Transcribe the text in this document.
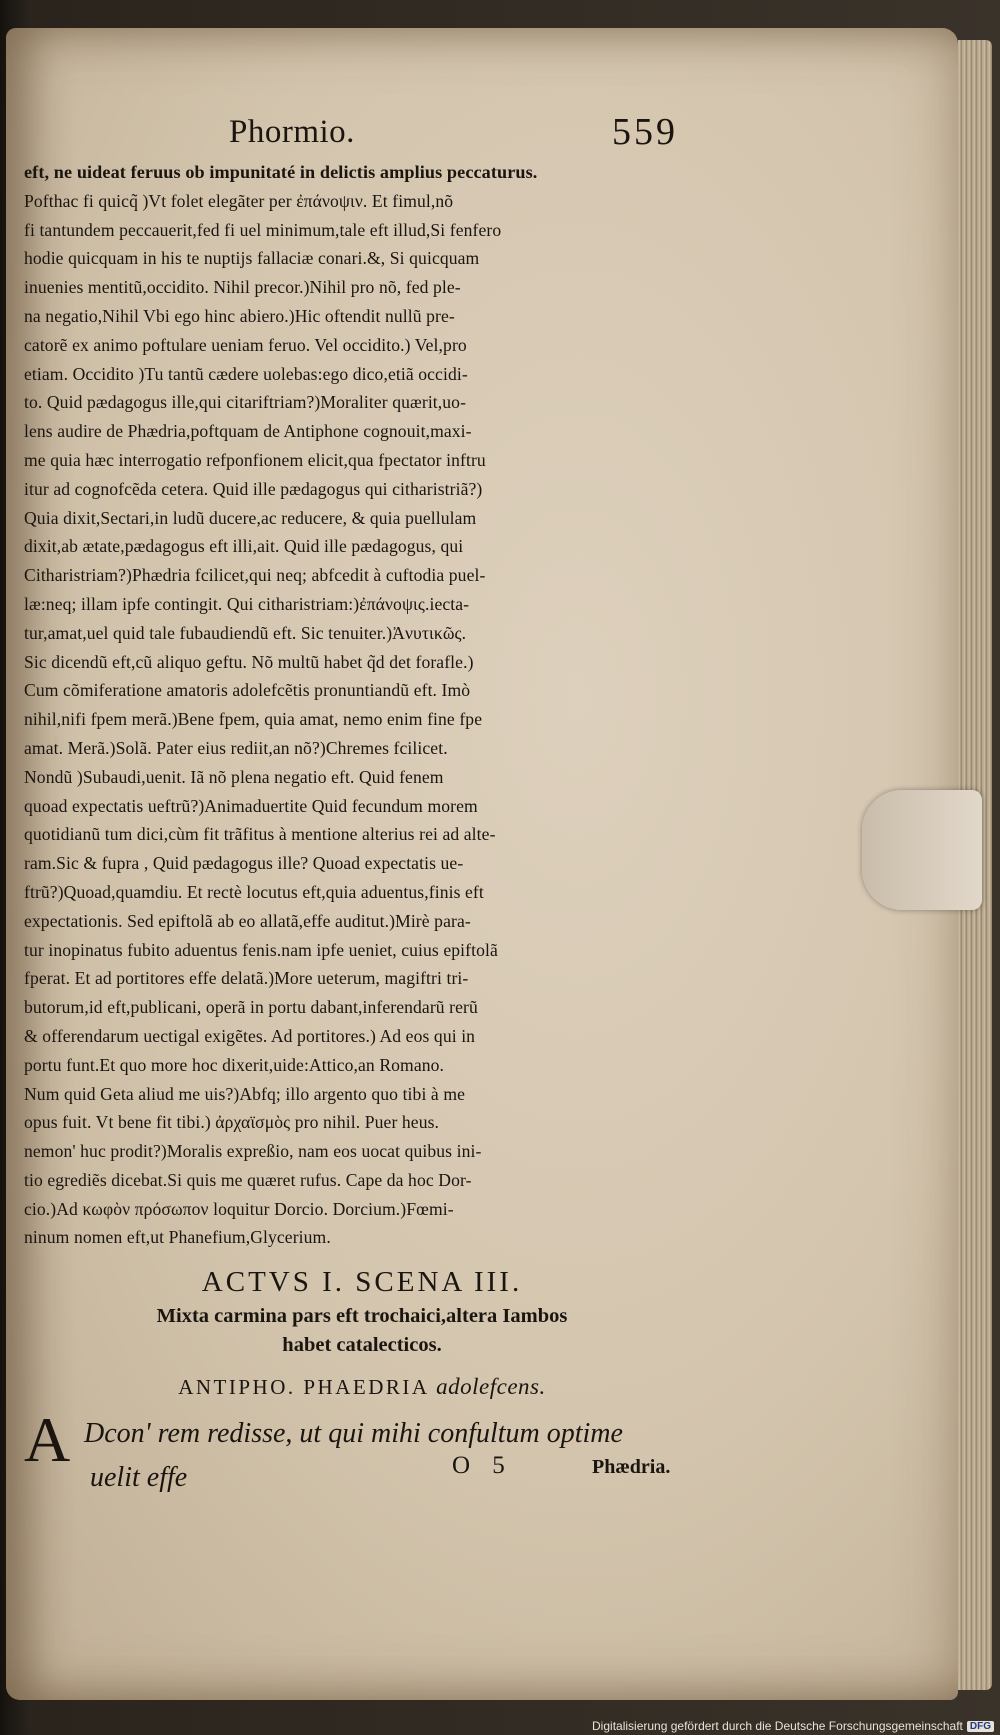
Phormio.	559
eft, ne uideat feruus ob impunitaté in delictis amplius peccaturus.
Pofthac fi quicq̃ )Vt folet elegãter per ἐπάνοψιν. Et fimul,nõ
fi tantundem peccauerit,fed fi uel minimum,tale eft illud,Si fenfero
hodie quicquam in his te nuptijs fallaciæ conari.&, Si quicquam
inuenies mentitũ,occidito. Nihil precor.)Nihil pro nõ, fed ple-
na negatio,Nihil Vbi ego hinc abiero.)Hic oftendit nullũ pre-
catorẽ ex animo poftulare ueniam feruo. Vel occidito.) Vel,pro
etiam. Occidito )Tu tantũ cædere uolebas:ego dico,etiã occidi-
to. Quid pædagogus ille,qui citariftriam?)Moraliter quærit,uo-
lens audire de Phædria,poftquam de Antiphone cognouit,maxi-
me quia hæc interrogatio refponfionem elicit,qua fpectator inftru
itur ad cognofcẽda cetera. Quid ille pædagogus qui citharistriã?)
Quia dixit,Sectari,in ludũ ducere,ac reducere, & quia puellulam
dixit,ab ætate,pædagogus eft illi,ait. Quid ille pædagogus, qui
Citharistriam?)Phædria fcilicet,qui neq; abfcedit à cuftodia puel-
læ:neq; illam ipfe contingit. Qui citharistriam:)ἐπάνοψις.iecta-
tur,amat,uel quid tale fubaudiendũ eft. Sic tenuiter.)Ἀνυτικῶς.
Sic dicendũ eft,cũ aliquo geftu. Nõ multũ habet q̃d det forafle.)
Cum cõmiferatione amatoris adolefcẽtis pronuntiandũ eft. Imò
nihil,nifi fpem merã.)Bene fpem, quia amat, nemo enim fine fpe
amat. Merã.)Solã. Pater eius rediit,an nõ?)Chremes fcilicet.
Nondũ )Subaudi,uenit. Iã nõ plena negatio eft. Quid fenem
quoad expectatis ueftrũ?)Animaduertite Quid fecundum morem
quotidianũ tum dici,cùm fit trãfitus à mentione alterius rei ad alte-
ram.Sic & fupra , Quid pædagogus ille? Quoad expectatis ue-
ftrũ?)Quoad,quamdiu. Et rectè locutus eft,quia aduentus,finis eft
expectationis. Sed epiftolã ab eo allatã,effe auditut.)Mirè para-
tur inopinatus fubito aduentus fenis.nam ipfe ueniet, cuius epiftolã
fperat. Et ad portitores effe delatã.)More ueterum, magiftri tri-
butorum,id eft,publicani, operã in portu dabant,inferendarũ rerũ
& offerendarum uectigal exigẽtes. Ad portitores.) Ad eos qui in
portu funt.Et quo more hoc dixerit,uide:Attico,an Romano.
Num quid Geta aliud me uis?)Abfq; illo argento quo tibi à me
opus fuit. Vt bene fit tibi.) ἀρχαϊσμὸς pro nihil. Puer heus.
nemon' huc prodit?)Moralis expreßio, nam eos uocat quibus ini-
tio egrediẽs dicebat.Si quis me quæret rufus. Cape da hoc Dor-
cio.)Ad κωφὸν πρόσωπον loquitur Dorcio. Dorcium.)Fœmi-
ninum nomen eft,ut Phanefium,Glycerium.
ACTVS I. SCENA III.
Mixta carmina pars eft trochaici,altera Iambos
habet catalecticos.
ANTIPHO. PHAEDRIA adolefcens.
A Dcon' rem redisse, ut qui mihi confultum optime
uelit effe	O 5	Phædria.
Digitalisierung gefördert durch die Deutsche Forschungsgemeinschaft DFG
